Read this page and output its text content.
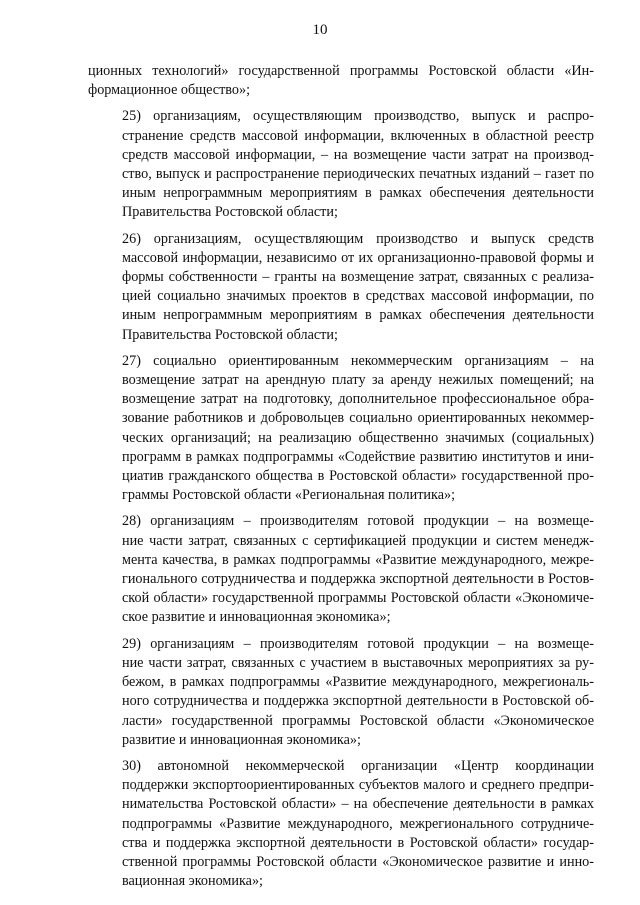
10

ционных технологий» государственной программы Ростовской области «Ин-
формационное общество»;

25) организациям, осуществляющим производство, выпуск и распро-
странение средств массовой информации, включенных в областной реестр
средств массовой информации, – на возмещение части затрат на производ-
ство, выпуск и распространение периодических печатных изданий – газет по
иным непрограммным мероприятиям в рамках обеспечения деятельности
Правительства Ростовской области;

26) организациям, осуществляющим производство и выпуск средств
массовой информации, независимо от их организационно-правовой формы и
формы собственности – гранты на возмещение затрат, связанных с реализа-
цией социально значимых проектов в средствах массовой информации, по
иным непрограммным мероприятиям в рамках обеспечения деятельности
Правительства Ростовской области;

27) социально ориентированным некоммерческим организациям – на
возмещение затрат на арендную плату за аренду нежилых помещений; на
возмещение затрат на подготовку, дополнительное профессиональное обра-
зование работников и добровольцев социально ориентированных некоммер-
ческих организаций; на реализацию общественно значимых (социальных)
программ в рамках подпрограммы «Содействие развитию институтов и ини-
циатив гражданского общества в Ростовской области» государственной про-
граммы Ростовской области «Региональная политика»;

28) организациям – производителям готовой продукции – на возмеще-
ние части затрат, связанных с сертификацией продукции и систем менедж-
мента качества, в рамках подпрограммы «Развитие международного, межре-
гионального сотрудничества и поддержка экспортной деятельности в Ростов-
ской области» государственной программы Ростовской области «Экономиче-
ское развитие и инновационная экономика»;

29) организациям – производителям готовой продукции – на возмеще-
ние части затрат, связанных с участием в выставочных мероприятиях за ру-
бежом, в рамках подпрограммы «Развитие международного, межрегиональ-
ного сотрудничества и поддержка экспортной деятельности в Ростовской об-
ласти» государственной программы Ростовской области «Экономическое
развитие и инновационная экономика»;

30) автономной некоммерческой организации «Центр координации
поддержки экспортоориентированных субъектов малого и среднего предпри-
нимательства Ростовской области» – на обеспечение деятельности в рамках
подпрограммы «Развитие международного, межрегионального сотрудниче-
ства и поддержка экспортной деятельности в Ростовской области» государ-
ственной программы Ростовской области «Экономическое развитие и инно-
вационная экономика»;
